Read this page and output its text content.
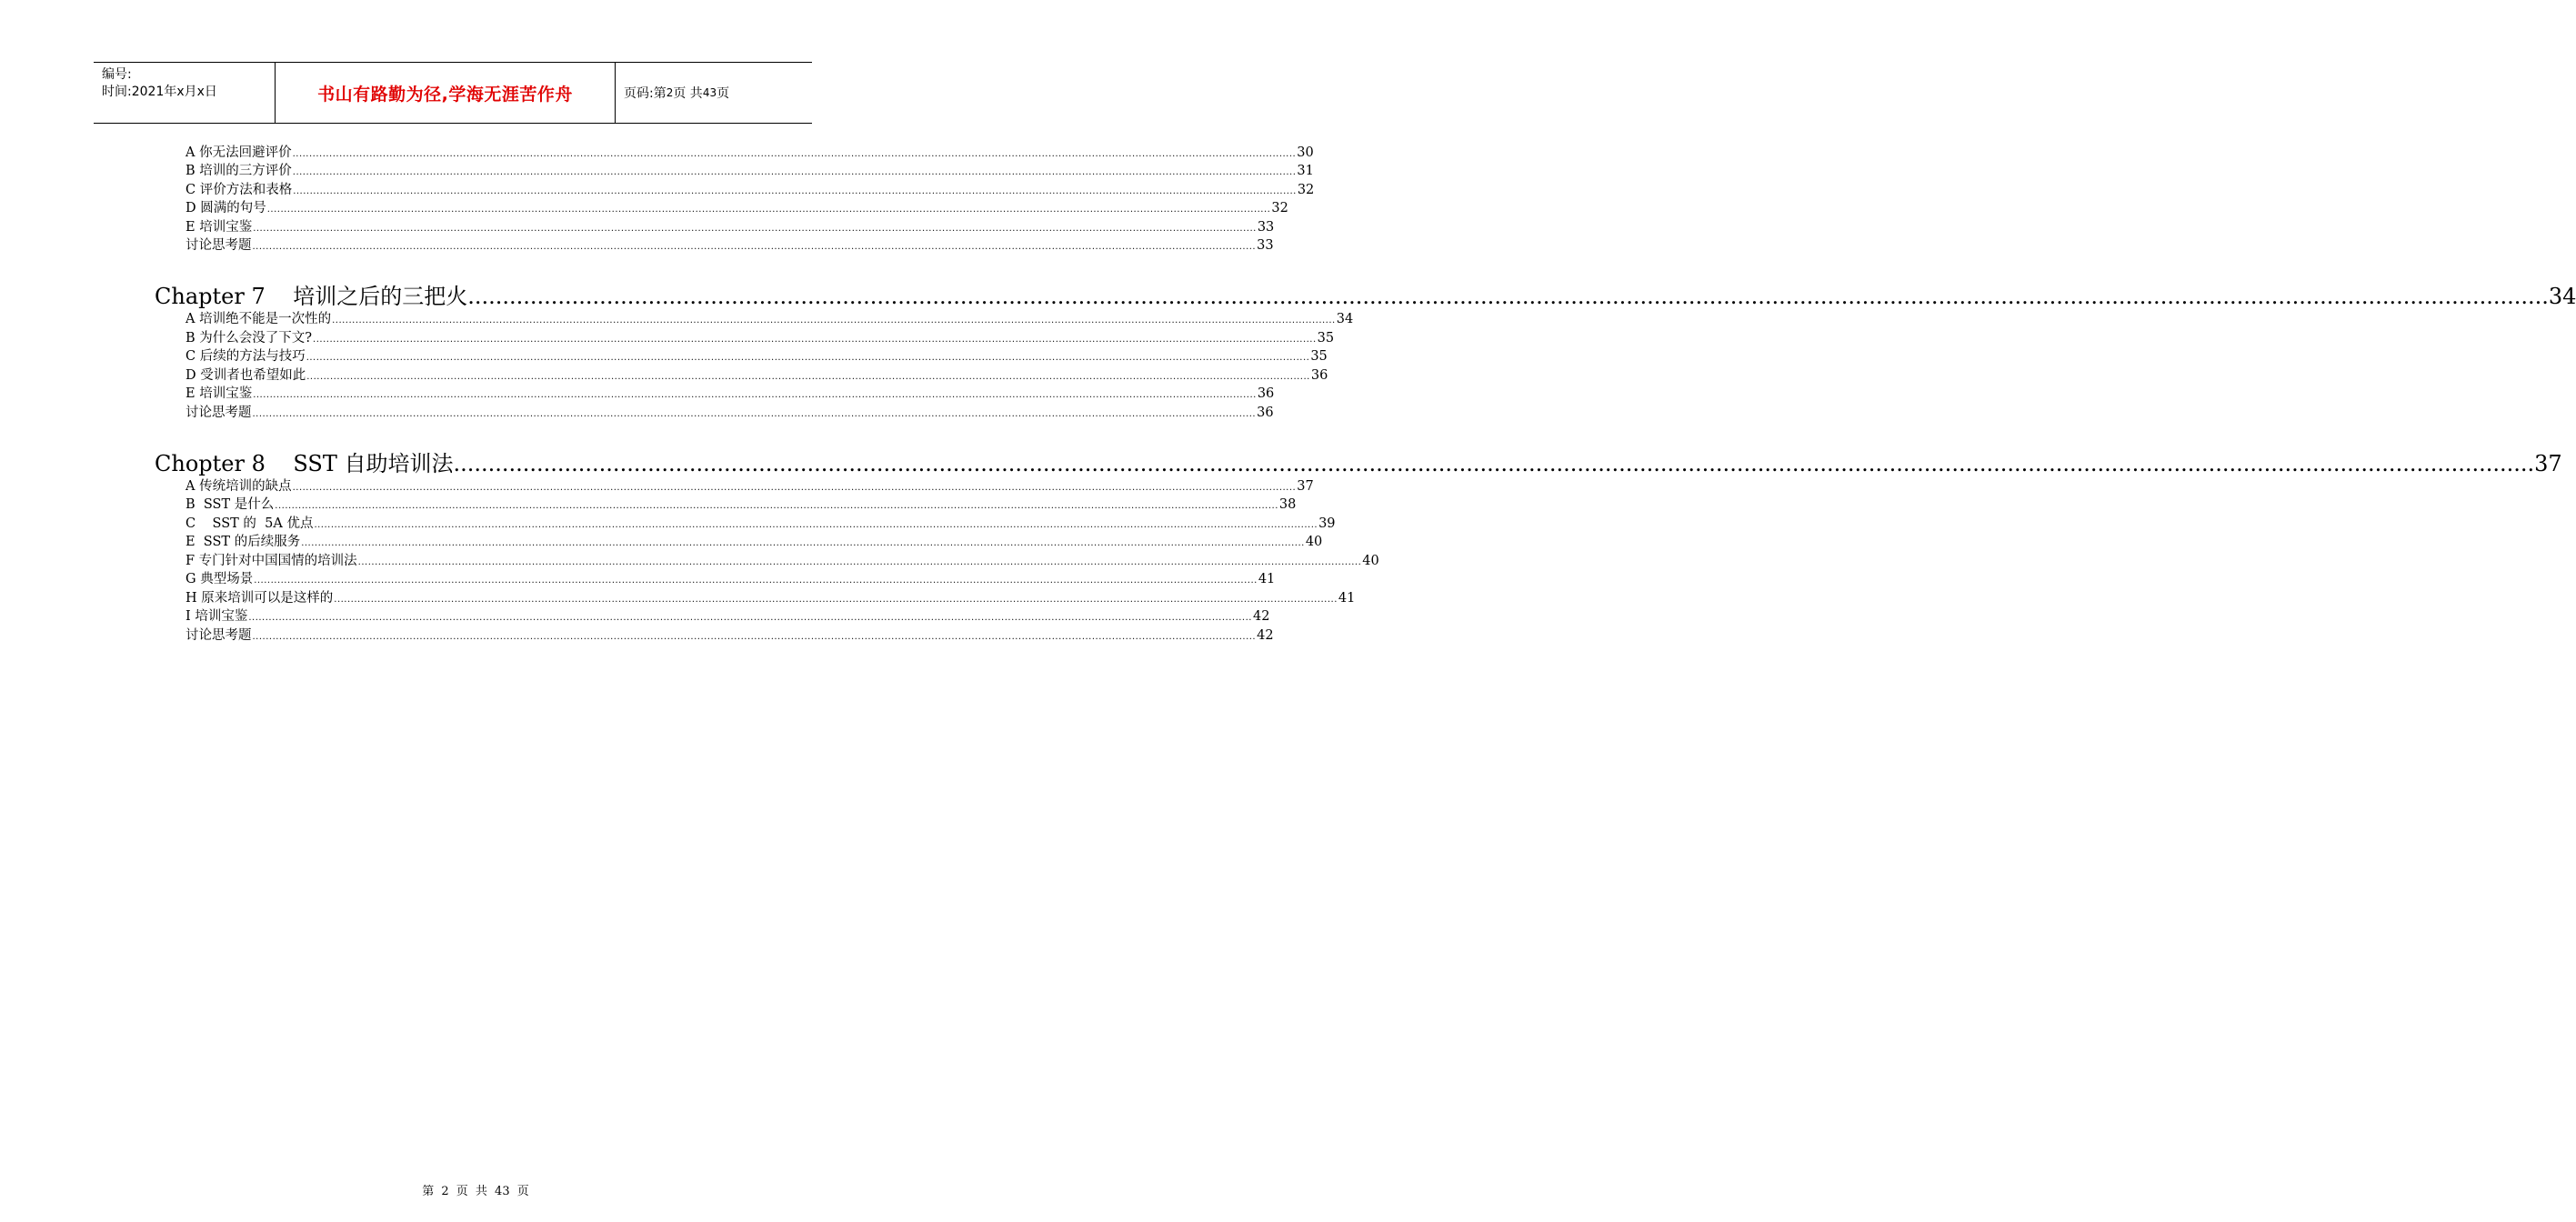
编号:
时间:2021年x月x日	书山有路勤为径,学海无涯苦作舟	页码:第 2 页 共 43 页
A 你无法回避评价 ............................................................................................................................................................................................................................................................................................................ 30
B 培训的三方评价 ............................................................................................................................................................................................................................................................................................................ 31
C 评价方法和表格 ............................................................................................................................................................................................................................................................................................................ 32
D 圆满的句号 ............................................................................................................................................................................................................................................................................................................ 32
E 培训宝鉴 ............................................................................................................................................................................................................................................................................................................ 33
讨论思考题 ............................................................................................................................................................................................................................................................................................................ 33
Chapter 7    培训之后的三把火 ............................................................................................................................................................................................................................................................................................................ 34
A 培训绝不能是一次性的 ............................................................................................................................................................................................................................................................................................................ 34
B 为什么会没了下文? ............................................................................................................................................................................................................................................................................................................ 35
C 后续的方法与技巧 ............................................................................................................................................................................................................................................................................................................ 35
D 受训者也希望如此 ............................................................................................................................................................................................................................................................................................................ 36
E 培训宝鉴 ............................................................................................................................................................................................................................................................................................................ 36
讨论思考题 ............................................................................................................................................................................................................................................................................................................ 36
Chopter 8    SST 自助培训法 ............................................................................................................................................................................................................................................................................................................ 37
A 传统培训的缺点 ............................................................................................................................................................................................................................................................................................................ 37
B  SST 是什么 ............................................................................................................................................................................................................................................................................................................ 38
C    SST 的  5A 优点 ............................................................................................................................................................................................................................................................................................................ 39
E  SST 的后续服务 ............................................................................................................................................................................................................................................................................................................ 40
F 专门针对中国国情的培训法 ............................................................................................................................................................................................................................................................................................................ 40
G 典型场景 ............................................................................................................................................................................................................................................................................................................ 41
H 原来培训可以是这样的 ............................................................................................................................................................................................................................................................................................................ 41
I 培训宝鉴 ............................................................................................................................................................................................................................................................................................................ 42
讨论思考题 ............................................................................................................................................................................................................................................................................................................ 42
第 2 页 共 43 页
